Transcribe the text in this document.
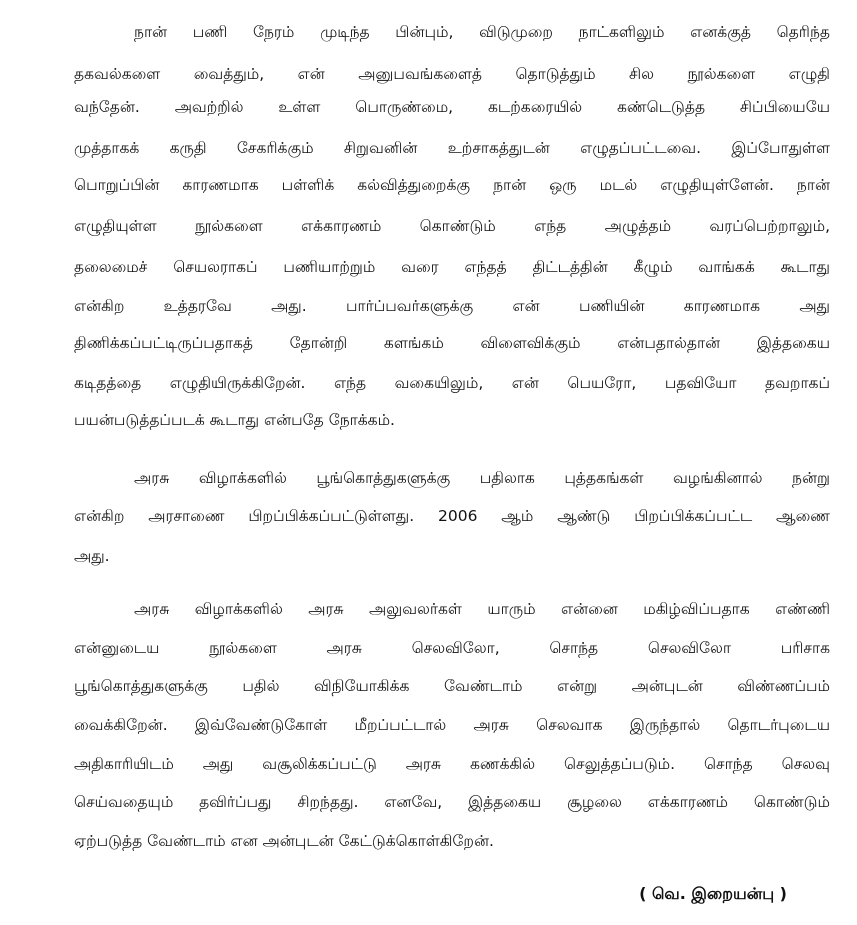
நான் பணி நேரம் முடிந்த பின்பும், விடுமுறை நாட்களிலும் எனக்குத் தெரிந்த
தகவல்களை வைத்தும், என் அனுபவங்களைத் தொடுத்தும் சில நூல்களை எழுதி
வந்தேன். அவற்றில் உள்ள பொருண்மை, கடற்கரையில் கண்டெடுத்த சிப்பியையே
முத்தாகக் கருதி சேகரிக்கும் சிறுவனின் உற்சாகத்துடன் எழுதப்பட்டவை. இப்போதுள்ள
பொறுப்பின் காரணமாக பள்ளிக் கல்வித்துறைக்கு நான் ஒரு மடல் எழுதியுள்ளேன். நான்
எழுதியுள்ள நூல்களை எக்காரணம் கொண்டும் எந்த அழுத்தம் வரப்பெற்றாலும்,
தலைமைச் செயலராகப் பணியாற்றும் வரை எந்தத் திட்டத்தின் கீழும் வாங்கக் கூடாது
என்கிற உத்தரவே அது. பார்ப்பவர்களுக்கு என் பணியின் காரணமாக அது
திணிக்கப்பட்டிருப்பதாகத் தோன்றி களங்கம் விளைவிக்கும் என்பதால்தான் இத்தகைய
கடிதத்தை எழுதியிருக்கிறேன். எந்த வகையிலும், என் பெயரோ, பதவியோ தவறாகப்
பயன்படுத்தப்படக் கூடாது என்பதே நோக்கம்.
அரசு விழாக்களில் பூங்கொத்துகளுக்கு பதிலாக புத்தகங்கள் வழங்கினால் நன்று
என்கிற அரசாணை பிறப்பிக்கப்பட்டுள்ளது. 2006 ஆம் ஆண்டு பிறப்பிக்கப்பட்ட ஆணை
அது.
அரசு விழாக்களில் அரசு அலுவலர்கள் யாரும் என்னை மகிழ்விப்பதாக எண்ணி
என்னுடைய நூல்களை அரசு செலவிலோ, சொந்த செலவிலோ பரிசாக
பூங்கொத்துகளுக்கு பதில் விநியோகிக்க வேண்டாம் என்று அன்புடன் விண்ணப்பம்
வைக்கிறேன். இவ்வேண்டுகோள் மீறப்பட்டால் அரசு செலவாக இருந்தால் தொடர்புடைய
அதிகாரியிடம் அது வசூலிக்கப்பட்டு அரசு கணக்கில் செலுத்தப்படும். சொந்த செலவு
செய்வதையும் தவிர்ப்பது சிறந்தது. எனவே, இத்தகைய சூழலை எக்காரணம் கொண்டும்
ஏற்படுத்த வேண்டாம் என அன்புடன் கேட்டுக்கொள்கிறேன்.
( வெ. இறையன்பு )
